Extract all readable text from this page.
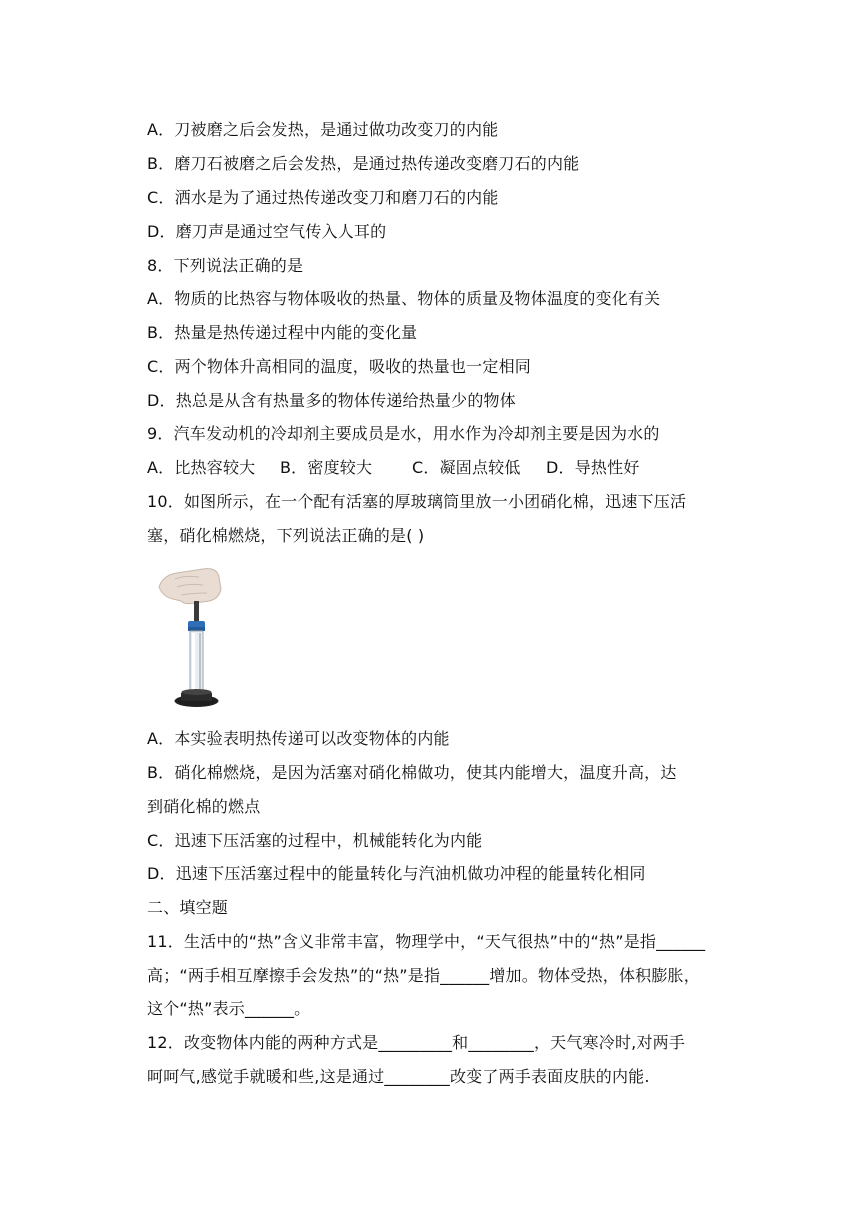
A．刀被磨之后会发热，是通过做功改变刀的内能
B．磨刀石被磨之后会发热，是通过热传递改变磨刀石的内能
C．洒水是为了通过热传递改变刀和磨刀石的内能
D．磨刀声是通过空气传入人耳的
8．下列说法正确的是
A．物质的比热容与物体吸收的热量、物体的质量及物体温度的变化有关
B．热量是热传递过程中内能的变化量
C．两个物体升高相同的温度，吸收的热量也一定相同
D．热总是从含有热量多的物体传递给热量少的物体
9．汽车发动机的冷却剂主要成员是水，用水作为冷却剂主要是因为水的
A．比热容较大	B．密度较大	C．凝固点较低	D．导热性好
10．如图所示，在一个配有活塞的厚玻璃筒里放一小团硝化棉，迅速下压活
塞，硝化棉燃烧，下列说法正确的是( )
A．本实验表明热传递可以改变物体的内能
B．硝化棉燃烧，是因为活塞对硝化棉做功，使其内能增大，温度升高，达
到硝化棉的燃点
C．迅速下压活塞的过程中，机械能转化为内能
D．迅速下压活塞过程中的能量转化与汽油机做功冲程的能量转化相同
二、填空题
11．生活中的“热”含义非常丰富，物理学中，“天气很热”中的“热”是指______
高；“两手相互摩擦手会发热”的“热”是指______增加。物体受热，体积膨胀，
这个“热”表示______。
12．改变物体内能的两种方式是_________和________，天气寒冷时,对两手
呵呵气,感觉手就暖和些,这是通过________改变了两手表面皮肤的内能.
